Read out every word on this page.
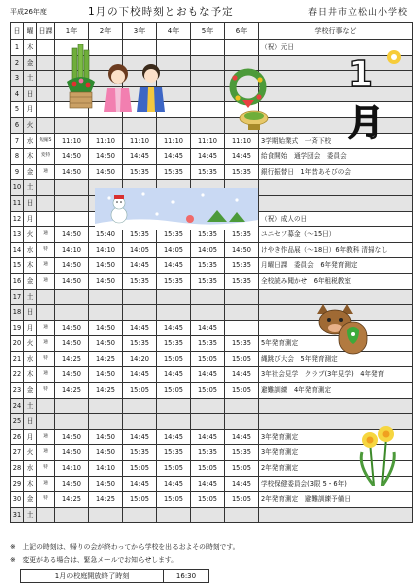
平成26年度	1月の下校時刻とおもな予定	春日井市立松山小学校
日	曜	日課	1年	2年	3年	4年	5年	6年	学校行事など
1	木								（祝）元日
2	金								
3	土								
4	日								
5	月								
6	火								
7	水	短縮5	11:10	11:10	11:10	11:10	11:10	11:10	3学期始業式　一斉下校
8	木	変特	14:50	14:50	14:45	14:45	14:45	14:45	給食開始　通学団会　委員会
9	金	通	14:50	14:50	15:35	15:35	15:35	15:35	銀行振替日　1年昔あそびの会
10	土								
11	日								
12	月								（祝）成人の日
13	火	通	14:50	15:40	15:35	15:35	15:35	15:35	ユニセフ募金（～15日）
14	水	特	14:10	14:10	14:05	14:05	14:05	14:50	けやき作品展（～18日）6年教科 清掃なし
15	木	通	14:50	14:50	14:45	14:45	15:35	15:35	月曜日課　委員会　6年発育測定
16	金	通	14:50	14:50	15:35	15:35	15:35	15:35	全校読み聞かせ　6年租税教室
17	土								
18	日								
19	月	通	14:50	14:50	14:45	14:45	14:45		
20	火	通	14:50	14:50	15:35	15:35	15:35	15:35	5年発育測定
21	水	特	14:25	14:25	14:20	15:05	15:05	15:05	縄跳び大会　5年発育測定
22	木	通	14:50	14:50	14:45	14:45	14:45	14:45	3年社会見学　クラブ(3年見学)　4年発育
23	金	特	14:25	14:25	15:05	15:05	15:05	15:05	避難訓練　4年発育測定
24	土								
25	日								
26	月	通	14:50	14:50	14:45	14:45	14:45	14:45	3年発育測定
27	火	通	14:50	14:50	15:35	15:35	15:35	15:35	3年発育測定
28	水	特	14:10	14:10	15:05	15:05	15:05	15:05	2年発育測定
29	木	通	14:50	14:50	14:45	14:45	14:45	14:45	学校保健委員会(3限 5・6年)
30	金	特	14:25	14:25	15:05	15:05	15:05	15:05	2年発育測定　避難訓練予備日
31	土								
1月
※　上記の時刻は、帰りの会が終わってから学校を出るおよその時刻です。
※　変更がある場合は、緊急メールでお知らせします。
1月の校庭開放終了時刻	16:30
